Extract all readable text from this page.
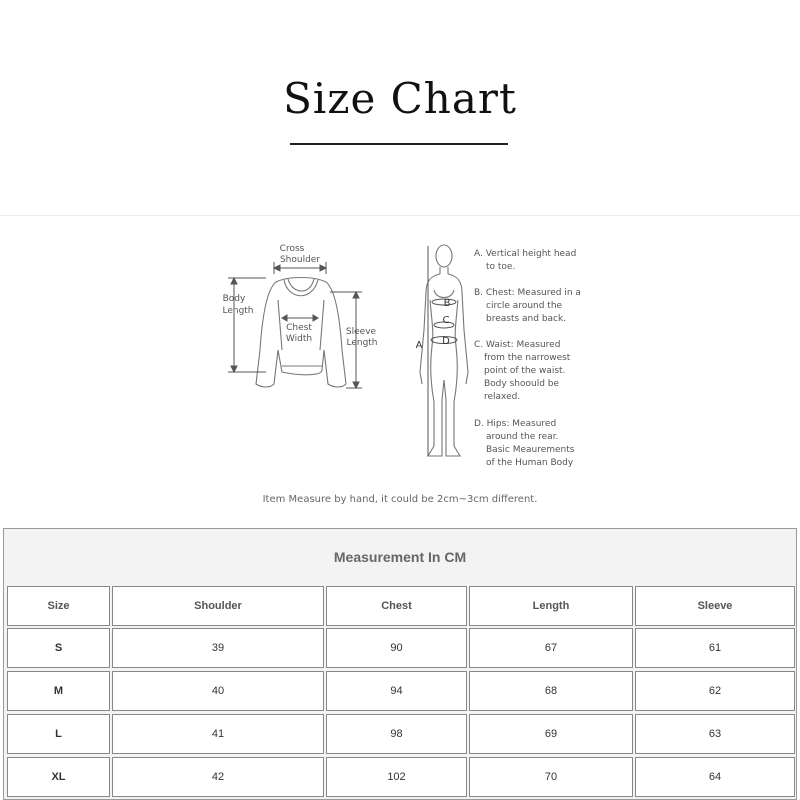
Size Chart
Cross
Shoulder
Body
Length
Chest
Width
Sleeve
Length	A
B
C
D
A. Vertical height head
to toe.
B. Chest: Measured in a
circle around the
breasts and back.
C. Waist: Measured
from the narrowest
point of the waist.
Body shoould be
relaxed.
D. Hips: Measured
around the rear.
Basic Meaurements
of the Human Body
Item Measure by hand, it could be 2cm~3cm different.
Measurement In CM
Size	Shoulder	Chest	Length	Sleeve
S	39	90	67	61
M	40	94	68	62
L	41	98	69	63
XL	42	102	70	64
